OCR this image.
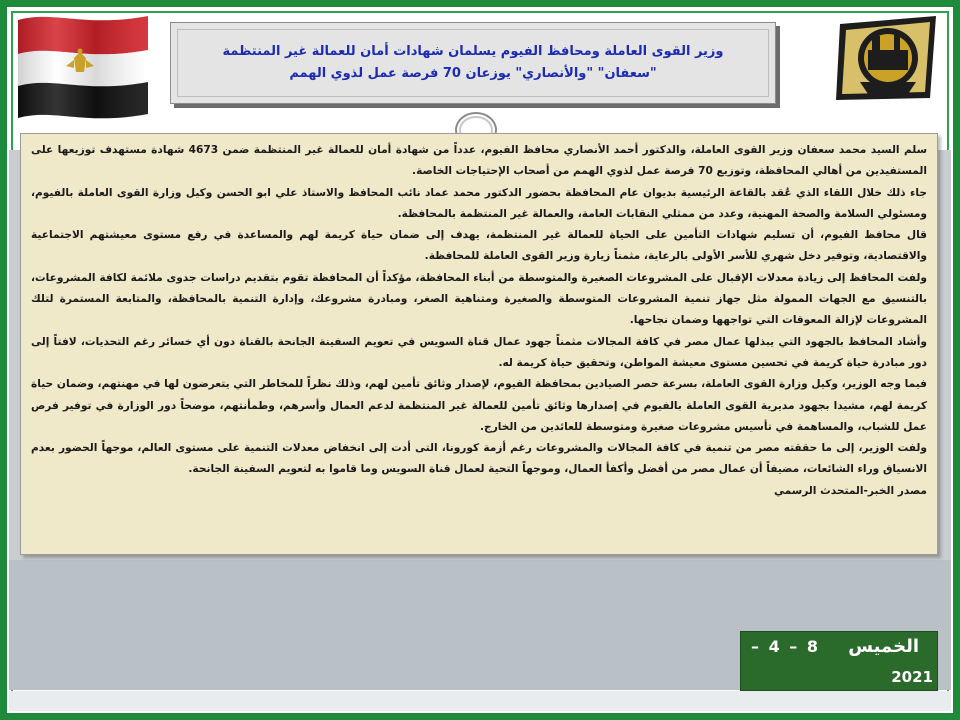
وزير القوى العاملة ومحافظ الفيوم يسلمان شهادات أمان للعمالة غير المنتظمة
"سعفان" "والأنصاري" يوزعان 70 فرصة عمل لذوي الهمم

سلم السيد محمد سعفان وزير القوى العاملة، والدكتور أحمد الأنصاري محافظ الفيوم، عدداً من شهادة أمان للعمالة غير المنتظمة ضمن 4673 شهادة مستهدف توزيعها على المستفيدين من أهالي المحافظة، وتوزيع 70 فرصة عمل لذوي الهمم من أصحاب الإحتياجات الخاصة.

جاء ذلك خلال اللقاء الذي عُقد بالقاعة الرئيسية بديوان عام المحافظة بحضور الدكتور محمد عماد نائب المحافظ والاستاذ علي ابو الحسن وكيل وزارة القوى العاملة بالفيوم، ومسئولي السلامة والصحة المهنية، وعدد من ممثلي النقابات العامة، والعمالة غير المنتظمة بالمحافظة.

قال محافظ الفيوم، أن تسليم شهادات التأمين على الحياة للعمالة غير المنتظمة، يهدف إلى ضمان حياة كريمة لهم والمساعدة في رفع مستوى معيشتهم الاجتماعية والاقتصادية، وتوفير دخل شهري للأسر الأولى بالرعاية، مثمناً زيارة وزير القوى العاملة للمحافظة.

ولفت المحافظ إلى زيادة معدلات الإقبال على المشروعات الصغيرة والمتوسطة من أبناء المحافظة، مؤكداً أن المحافظة تقوم بتقديم دراسات جدوى ملائمة لكافة المشروعات، بالتنسيق مع الجهات الممولة مثل جهاز تنمية المشروعات المتوسطة والصغيرة ومتناهية الصغر، ومبادرة مشروعك، وإدارة التنمية بالمحافظة، والمتابعة المستمرة لتلك المشروعات لإزالة المعوقات التي تواجهها وضمان نجاحها.

وأشاد المحافظ بالجهود التي يبذلها عمال مصر في كافة المجالات مثمناً جهود عمال قناة السويس في تعويم السفينة الجانحة بالقناة دون أي خسائر رغم التحديات، لافتاً إلى دور مبادرة حياة كريمة في تحسين مستوى معيشة المواطن، وتحقيق حياة كريمة له.

فيما وجه الوزير، وكيل وزارة القوى العاملة، بسرعة حصر الصيادين بمحافظة الفيوم، لإصدار وثائق تأمين لهم، وذلك نظراً للمخاطر التي يتعرضون لها في مهنتهم، وضمان حياة كريمة لهم، مشيدا بجهود مديرية القوى العاملة بالفيوم في إصدارها وثائق تأمين للعمالة غير المنتظمة لدعم العمال وأسرهم، وطمأنتهم، موضحاً دور الوزارة في توفير فرص عمل للشباب، والمساهمة في تأسيس مشروعات صغيرة ومتوسطة للعائدين من الخارج.

ولفت الوزير، إلى ما حققته مصر من تنمية في كافة المجالات والمشروعات رغم أزمة كورونا، التى أدت إلى انخفاض معدلات التنمية على مستوى العالم، موجهاً الحضور بعدم الانسياق وراء الشائعات، مضيفاً أن عمال مصر من أفضل وأكفأ العمال، وموجهاً التحية لعمال قناة السويس وما قاموا به لتعويم السفينة الجانحة.

مصدر الخبر-المتحدث الرسمي

الخميس
– 4 – 8
2021
